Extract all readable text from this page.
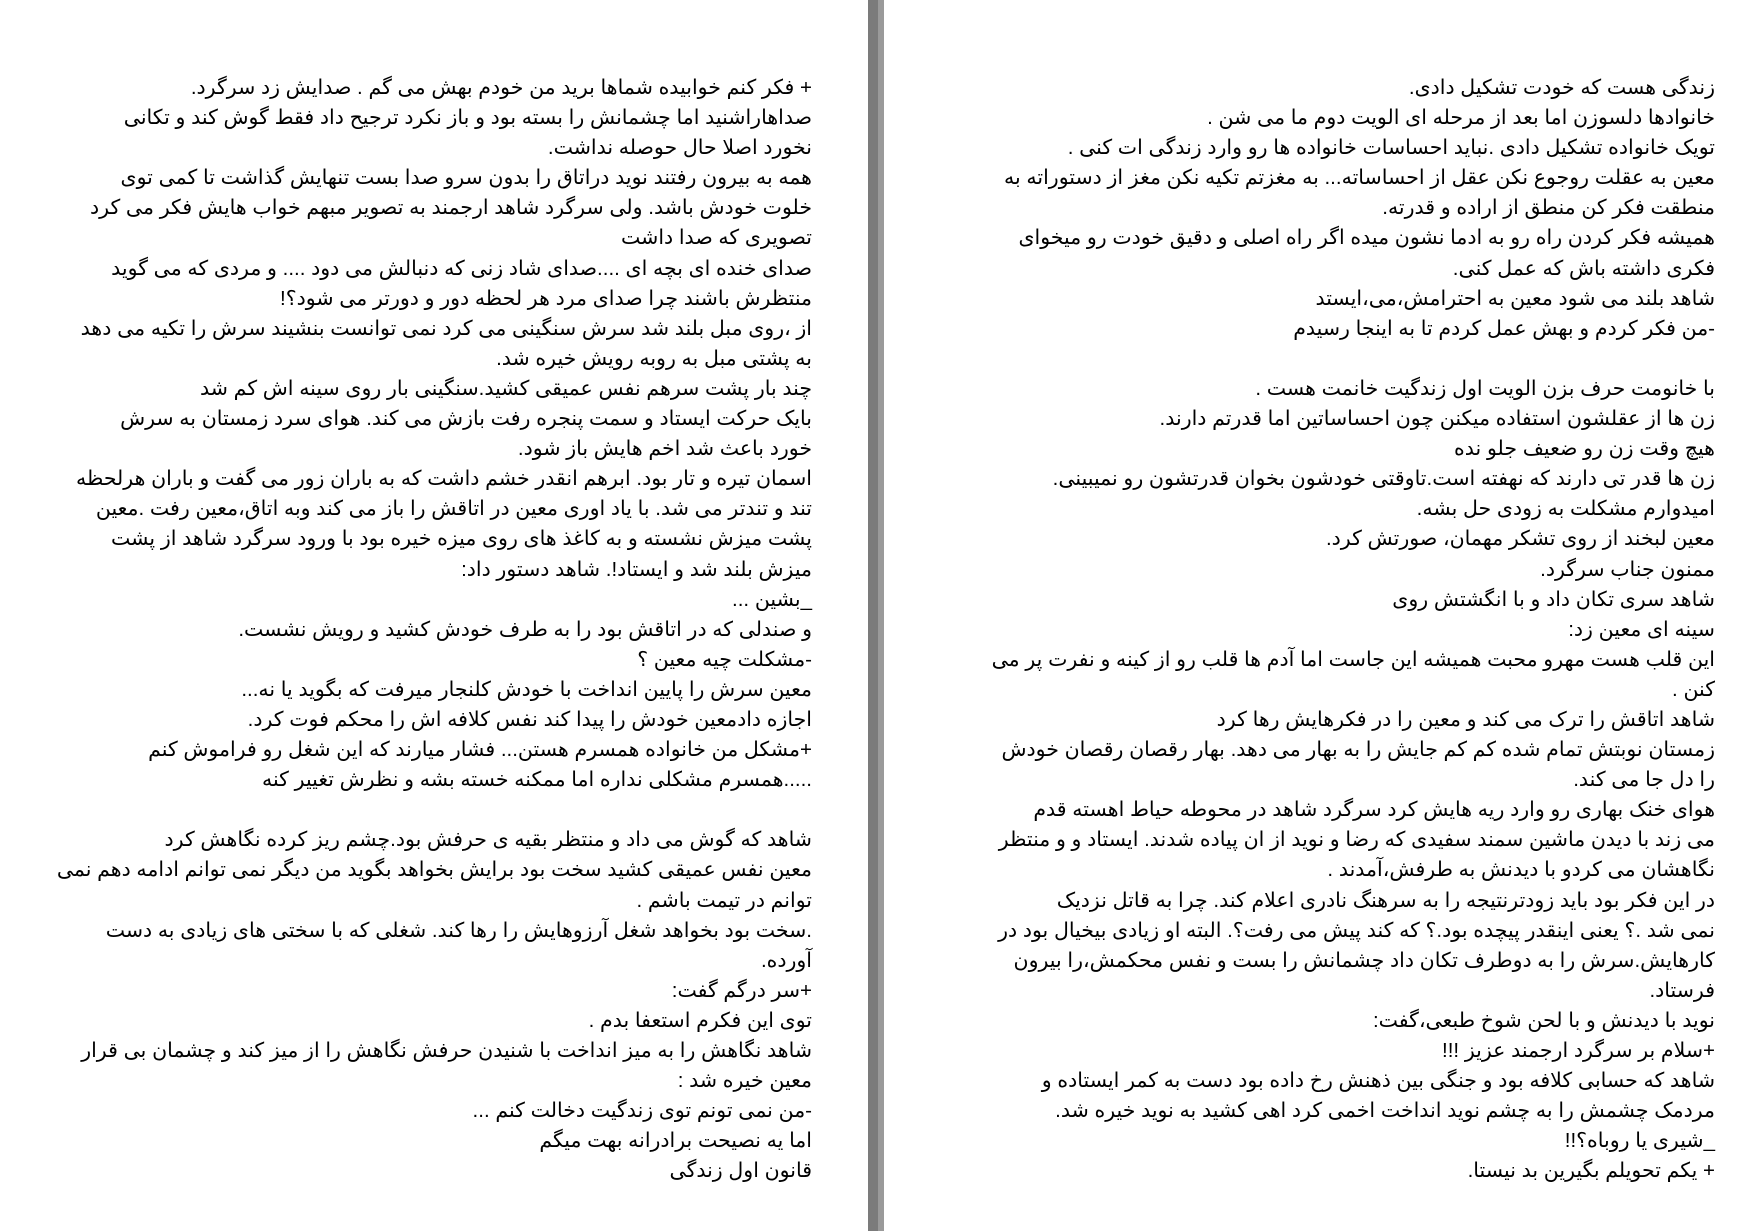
+ فکر کنم خوابیده شماها برید من خودم بهش می گم . صدایش زد سرگرد.
صداهارا‌شنید اما چشمانش را بسته بود و باز نکرد ترجیح داد فقط گوش کند و تکانی
نخورد اصلا حال حوصله نداشت.
همه به بیرون رفتند نوید دراتاق را بدون سرو صدا بست تنهایش گذاشت تا کمی توی
خلوت خودش باشد. ولی سرگرد شاهد ارجمند به تصویر مبهم خواب هایش فکر می کرد
تصویری که صدا داشت
صدای خنده ای بچه ای ....صدای شاد زنی که دنبالش می دود .... و مردی که می گوید
منتظرش باشند چرا صدای مرد هر لحظه دور و دورتر می شود؟!
از ،روی مبل بلند شد سرش سنگینی می کرد نمی توانست بنشیند سرش را تکیه می دهد
به پشتی مبل به روبه رویش خیره شد.
چند بار پشت سرهم نفس عمیقی کشید.سنگینی بار روی سینه اش کم شد
بایک حرکت ایستاد و سمت پنجره رفت بازش می کند. هوای سرد زمستان به سرش
خورد باعث شد اخم هایش باز شود.
اسمان تیره و تار بود. ابرهم انقدر خشم داشت که به باران زور می گفت و باران هرلحظه
تند و تندتر می شد. با یاد اوری معین در اتاقش را باز می کند وبه اتاق،معین رفت .معین
پشت میزش نشسته و به کاغذ های روی میزه خیره بود با ورود سرگرد شاهد از پشت
میزش بلند شد و ایستاد!. شاهد دستور داد:
_بشین ...
و صندلی که در اتاقش بود را به طرف خودش کشید و رویش نشست.
-مشکلت چیه معین ؟
معین سرش را پایین انداخت با خودش کلنجار میرفت که بگوید یا نه...
اجازه دادمعین خودش را پیدا کند نفس کلافه اش را محکم فوت کرد.
+مشکل من خانواده همسرم هستن... فشار میارند که این شغل رو فراموش کنم
.....همسرم مشکلی نداره اما ممکنه خسته بشه و نظرش تغییر کنه
شاهد که گوش می داد و منتظر بقیه ی حرفش بود.چشم ریز کرده نگاهش کرد
معین نفس عمیقی کشید سخت بود برایش بخواهد بگوید من دیگر نمی توانم ادامه دهم نمی
توانم در تیمت باشم .
.سخت بود بخواهد شغل آرزوهایش را رها کند. شغلی که با سختی های زیادی به دست
آورده.
+سر درگم گفت:
توی این فکرم استعفا بدم .
شاهد نگاهش را به میز انداخت با شنیدن حرفش نگاهش را از میز کند و چشمان بی قرار
معین خیره شد :
-من نمی تونم توی زندگیت دخالت کنم ...
اما یه نصیحت برادرانه بهت میگم
قانون اول زندگی
زندگی هست که خودت تشکیل دادی.
خانوادها دلسوزن اما بعد از مرحله ای الویت دوم ما می شن .
تویک خانواده تشکیل دادی .نباید احساسات خانواده ها رو وارد زندگی ات کنی .
معین به عقلت روجوع نکن عقل از احساساته... به مغزتم تکیه نکن مغز از دستوراته به
منطقت فکر کن منطق از اراده و قدرته.
همیشه فکر کردن راه رو به ادما نشون میده اگر راه اصلی و دقیق خودت رو میخوای
فکری داشته باش که عمل کنی.
شاهد بلند می شود معین به احترامش،می،ایستد
-من فکر کردم و بهش عمل کردم تا به اینجا رسیدم
با خانومت حرف بزن الویت اول زندگیت خانمت هست .
زن ها از عقلشون استفاده میکنن چون احساساتین اما قدرتم دارند.
هیچ وقت زن رو ضعیف جلو نده
زن ها قدر تی دارند که نهفته است.تاوقتی خودشون بخوان قدرتشون رو نمیبینی.
امیدوارم مشکلت به زودی حل بشه.
معین لبخند از روی تشکر مهمان، صورتش کرد.
ممنون جناب سرگرد.
شاهد سری تکان داد و با انگشتش روی
سینه ای معین زد:
این قلب هست مهرو محبت همیشه این جاست اما آدم ها قلب رو از کینه و نفرت پر می
کنن .
شاهد اتاقش را ترک می کند و معین را در فکرهایش رها کرد
زمستان نوبتش تمام شده کم کم جایش را به بهار می دهد. بهار رقصان رقصان خودش
را دل جا می کند.
هوای خنک بهاری رو وارد ریه هایش کرد سرگرد شاهد در محوطه حیاط اهسته قدم
می زند با دیدن ماشین سمند سفیدی که رضا و نوید از ان پیاده شدند. ایستاد و و منتظر
نگاهشان می کردو با دیدنش به طرفش،آمدند .
در این فکر بود باید زودترنتیجه را به سرهنگ نادری اعلام کند. چرا به قاتل نزدیک
نمی شد .؟ یعنی اینقدر پیچده بود.؟ که کند پیش می رفت؟. البته او زیادی بیخیال بود در
کارهایش.سرش را به دوطرف تکان داد چشمانش را بست و نفس محکمش،را بیرون
فرستاد.
نوید با دیدنش و با لحن شوخ طبعی،گفت:
+سلام بر سرگرد ارجمند عزیز !!!
شاهد که حسابی کلافه بود و جنگی بین ذهنش رخ داده بود دست به کمر ایستاده و
مردمک چشمش را به چشم نوید انداخت اخمی کرد اهی کشید به نوید خیره شد.
_شیری یا روباه؟!!
+ یکم تحویلم بگیرین بد نیستا.
